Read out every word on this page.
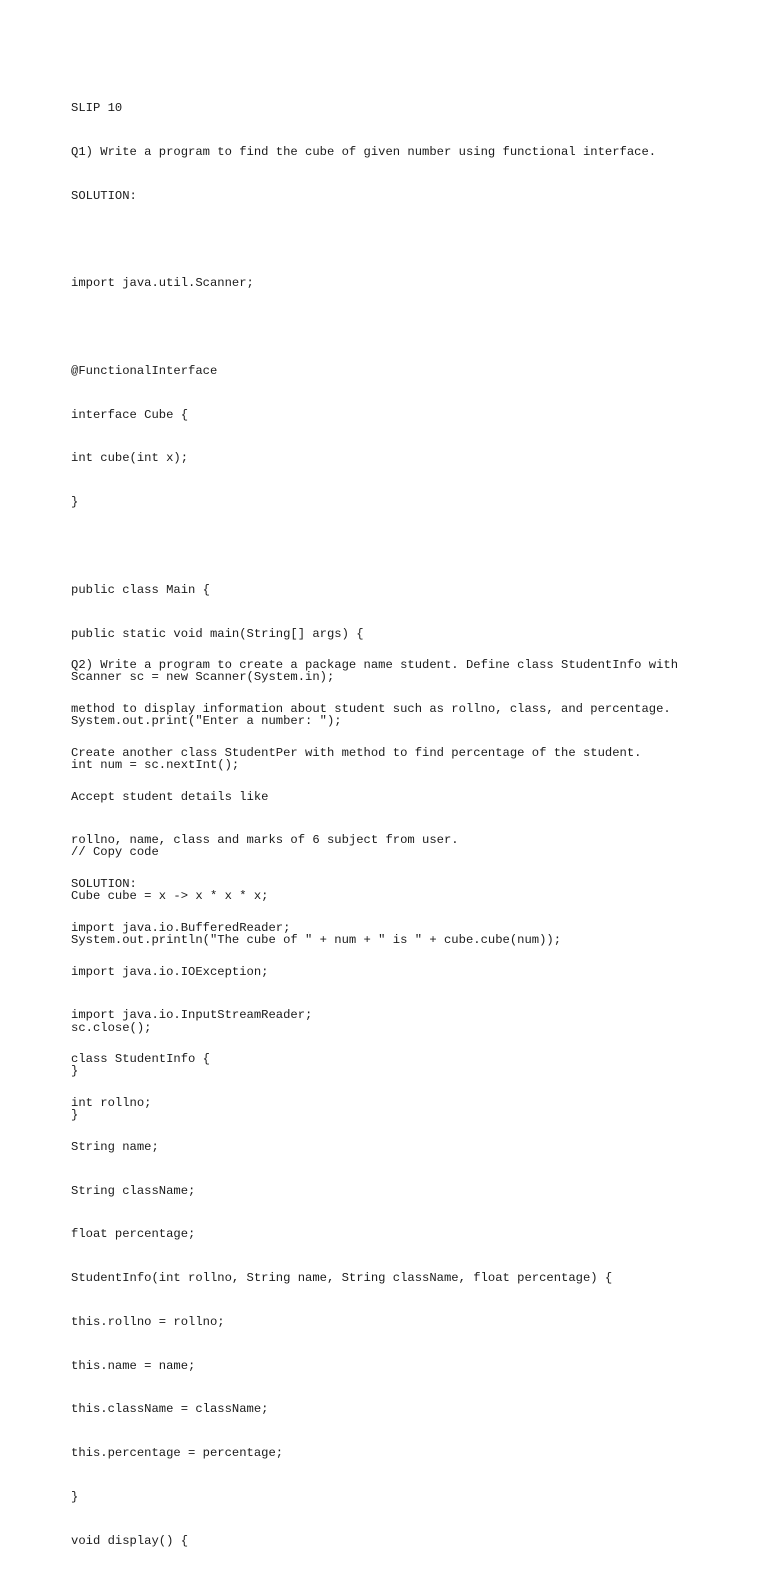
SLIP 10

Q1) Write a program to find the cube of given number using functional interface.

SOLUTION:

import java.util.Scanner;

@FunctionalInterface

interface Cube {

int cube(int x);

}

public class Main {

public static void main(String[] args) {

Scanner sc = new Scanner(System.in);

System.out.print("Enter a number: ");

int num = sc.nextInt();

// Copy code

Cube cube = x -> x * x * x;

System.out.println("The cube of " + num + " is " + cube.cube(num));

sc.close();

}

}

Q2) Write a program to create a package name student. Define class StudentInfo with

method to display information about student such as rollno, class, and percentage.

Create another class StudentPer with method to find percentage of the student.

Accept student details like

rollno, name, class and marks of 6 subject from user.

SOLUTION:

import java.io.BufferedReader;

import java.io.IOException;

import java.io.InputStreamReader;

class StudentInfo {

int rollno;

String name;

String className;

float percentage;

StudentInfo(int rollno, String name, String className, float percentage) {

this.rollno = rollno;

this.name = name;

this.className = className;

this.percentage = percentage;

}

void display() {
